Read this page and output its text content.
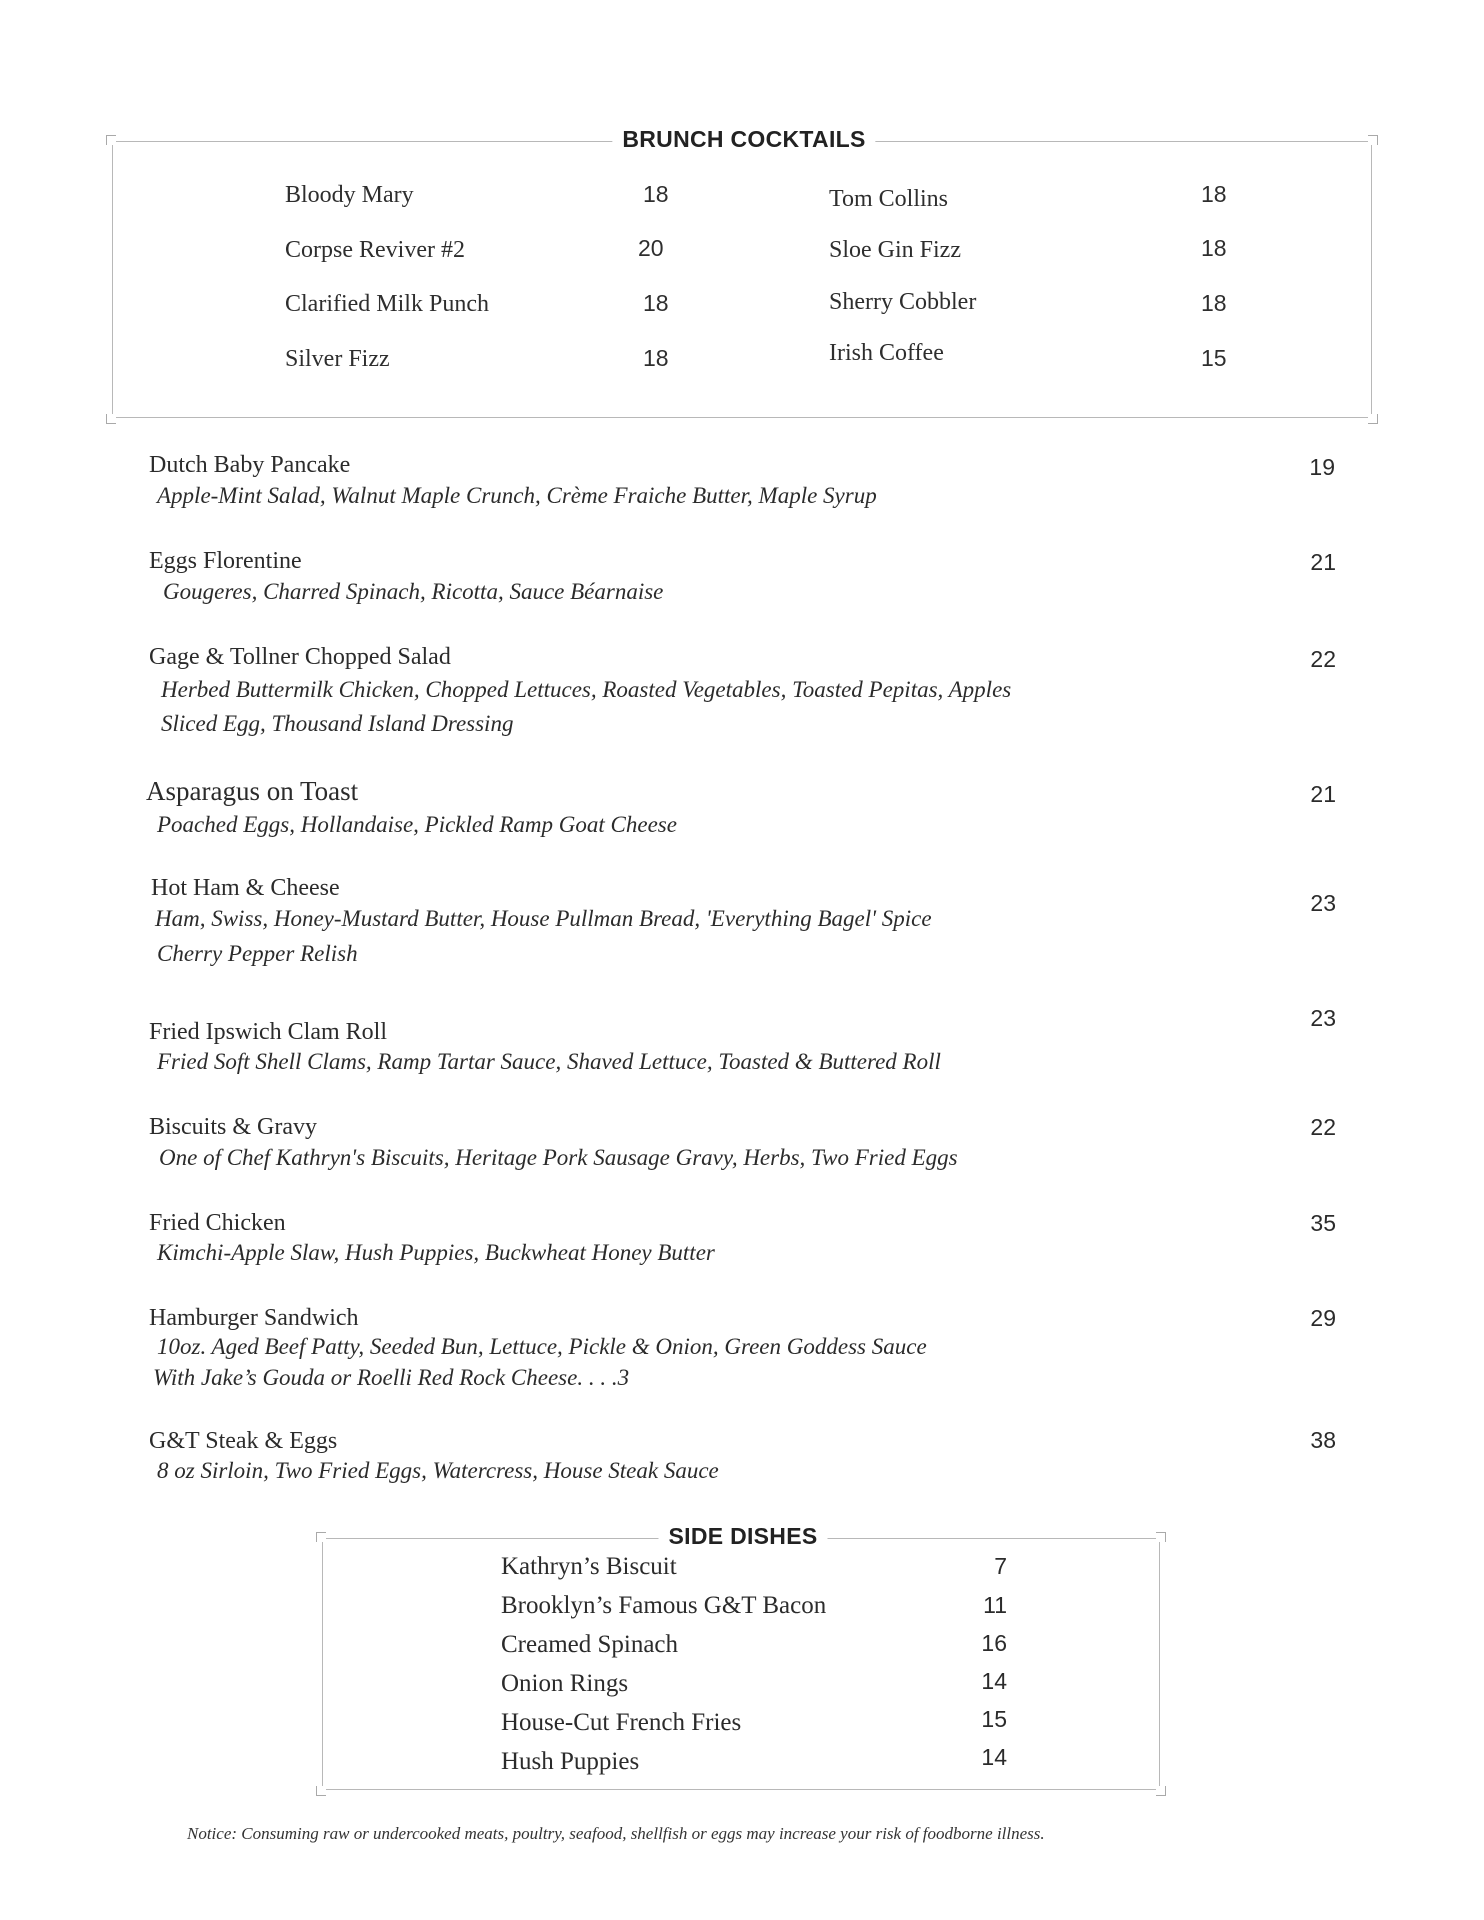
BRUNCH COCKTAILS
Bloody Mary	18
Corpse Reviver #2	20
Clarified Milk Punch	18
Silver Fizz	18
Tom Collins	18
Sloe Gin Fizz	18
Sherry Cobbler	18
Irish Coffee	15
Dutch Baby Pancake
Apple-Mint Salad, Walnut Maple Crunch, Crème Fraiche Butter, Maple Syrup
19
Eggs Florentine
Gougeres, Charred Spinach, Ricotta, Sauce Béarnaise
21
Gage & Tollner Chopped Salad
Herbed Buttermilk Chicken, Chopped Lettuces, Roasted Vegetables, Toasted Pepitas, Apples
Sliced Egg, Thousand Island Dressing
22
Asparagus on Toast
Poached Eggs, Hollandaise, Pickled Ramp Goat Cheese
21
Hot Ham & Cheese
Ham, Swiss, Honey-Mustard Butter, House Pullman Bread, 'Everything Bagel' Spice
Cherry Pepper Relish
23
Fried Ipswich Clam Roll
Fried Soft Shell Clams, Ramp Tartar Sauce, Shaved Lettuce, Toasted & Buttered Roll
23
Biscuits & Gravy
One of Chef Kathryn's Biscuits, Heritage Pork Sausage Gravy, Herbs, Two Fried Eggs
22
Fried Chicken
Kimchi-Apple Slaw, Hush Puppies, Buckwheat Honey Butter
35
Hamburger Sandwich
10oz. Aged Beef Patty, Seeded Bun, Lettuce, Pickle & Onion, Green Goddess Sauce
With Jake’s Gouda or Roelli Red Rock Cheese. . . .3
29
G&T Steak & Eggs
8 oz Sirloin, Two Fried Eggs, Watercress, House Steak Sauce
38
SIDE DISHES
Kathryn’s Biscuit	7
Brooklyn’s Famous G&T Bacon	11
Creamed Spinach	16
Onion Rings	14
House-Cut French Fries	15
Hush Puppies	14
Notice: Consuming raw or undercooked meats, poultry, seafood, shellfish or eggs may increase your risk of foodborne illness.
